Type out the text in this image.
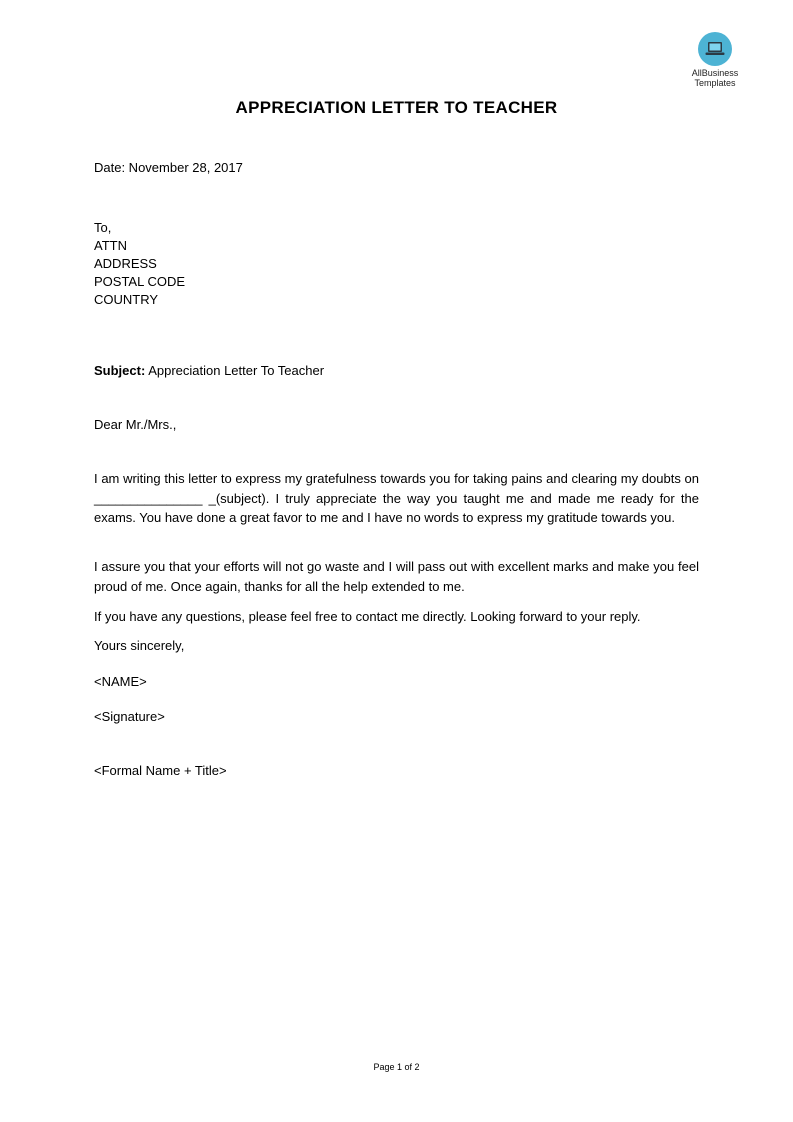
AllBusiness
Templates
APPRECIATION LETTER TO TEACHER
Date: November 28, 2017
To,
ATTN
ADDRESS
POSTAL CODE
COUNTRY
Subject: Appreciation Letter To Teacher
Dear Mr./Mrs.,
I am writing this letter to express my gratefulness towards you for taking pains and clearing my doubts on _______________ _(subject). I truly appreciate the way you taught me and made me ready for the exams. You have done a great favor to me and I have no words to express my gratitude towards you.
I assure you that your efforts will not go waste and I will pass out with excellent marks and make you feel proud of me. Once again, thanks for all the help extended to me.
If you have any questions, please feel free to contact me directly. Looking forward to your reply.
Yours sincerely,
<NAME>
<Signature>
<Formal Name + Title>
Page 1 of 2
